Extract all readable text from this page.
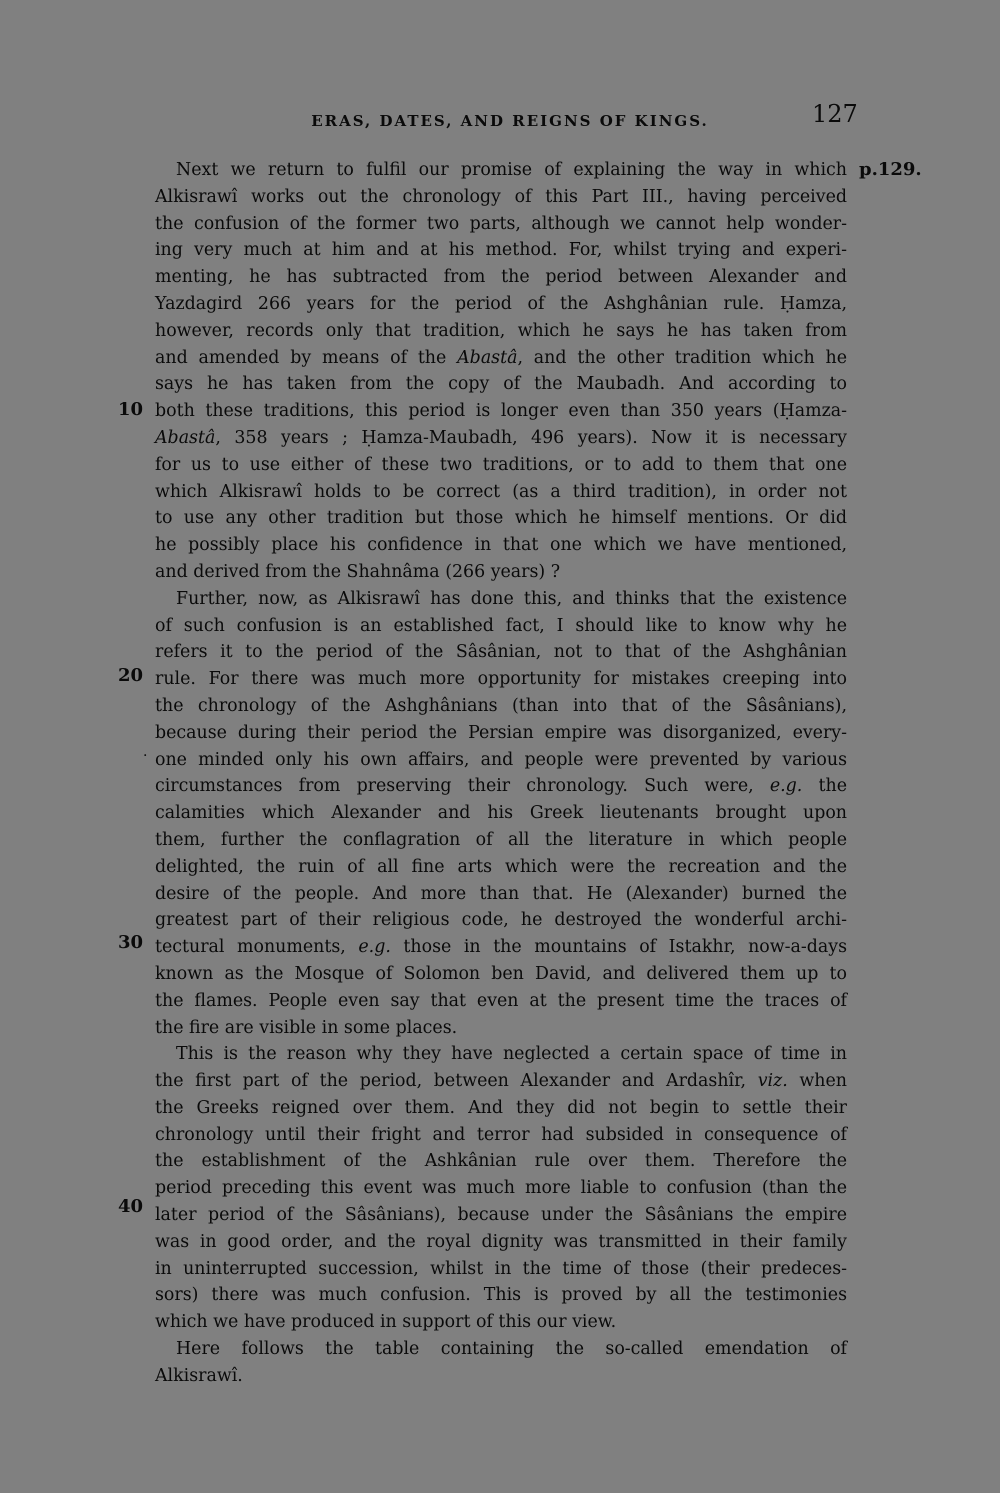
ERAS, DATES, AND REIGNS OF KINGS.	127
p.129.
10
20
30
40
·
Next we return to fulfil our promise of explaining the way in which
Alkisrawî works out the chronology of this Part III., having perceived
the confusion of the former two parts, although we cannot help wonder-
ing very much at him and at his method. For, whilst trying and experi-
menting, he has subtracted from the period between Alexander and
Yazdagird 266 years for the period of the Ashghânian rule. Ḥamza,
however, records only that tradition, which he says he has taken from
and amended by means of the Abastâ, and the other tradition which he
says he has taken from the copy of the Maubadh. And according to
both these traditions, this period is longer even than 350 years (Ḥamza-
Abastâ, 358 years ; Ḥamza-Maubadh, 496 years). Now it is necessary
for us to use either of these two traditions, or to add to them that one
which Alkisrawî holds to be correct (as a third tradition), in order not
to use any other tradition but those which he himself mentions. Or did
he possibly place his confidence in that one which we have mentioned,
and derived from the Shahnâma (266 years) ?
Further, now, as Alkisrawî has done this, and thinks that the existence
of such confusion is an established fact, I should like to know why he
refers it to the period of the Sâsânian, not to that of the Ashghânian
rule. For there was much more opportunity for mistakes creeping into
the chronology of the Ashghânians (than into that of the Sâsânians),
because during their period the Persian empire was disorganized, every-
one minded only his own affairs, and people were prevented by various
circumstances from preserving their chronology. Such were, e.g. the
calamities which Alexander and his Greek lieutenants brought upon
them, further the conflagration of all the literature in which people
delighted, the ruin of all fine arts which were the recreation and the
desire of the people. And more than that. He (Alexander) burned the
greatest part of their religious code, he destroyed the wonderful archi-
tectural monuments, e.g. those in the mountains of Istakhr, now-a-days
known as the Mosque of Solomon ben David, and delivered them up to
the flames. People even say that even at the present time the traces of
the fire are visible in some places.
This is the reason why they have neglected a certain space of time in
the first part of the period, between Alexander and Ardashîr, viz. when
the Greeks reigned over them. And they did not begin to settle their
chronology until their fright and terror had subsided in consequence of
the establishment of the Ashkânian rule over them. Therefore the
period preceding this event was much more liable to confusion (than the
later period of the Sâsânians), because under the Sâsânians the empire
was in good order, and the royal dignity was transmitted in their family
in uninterrupted succession, whilst in the time of those (their predeces-
sors) there was much confusion. This is proved by all the testimonies
which we have produced in support of this our view.
Here follows the table containing the so-called emendation of
Alkisrawî.
